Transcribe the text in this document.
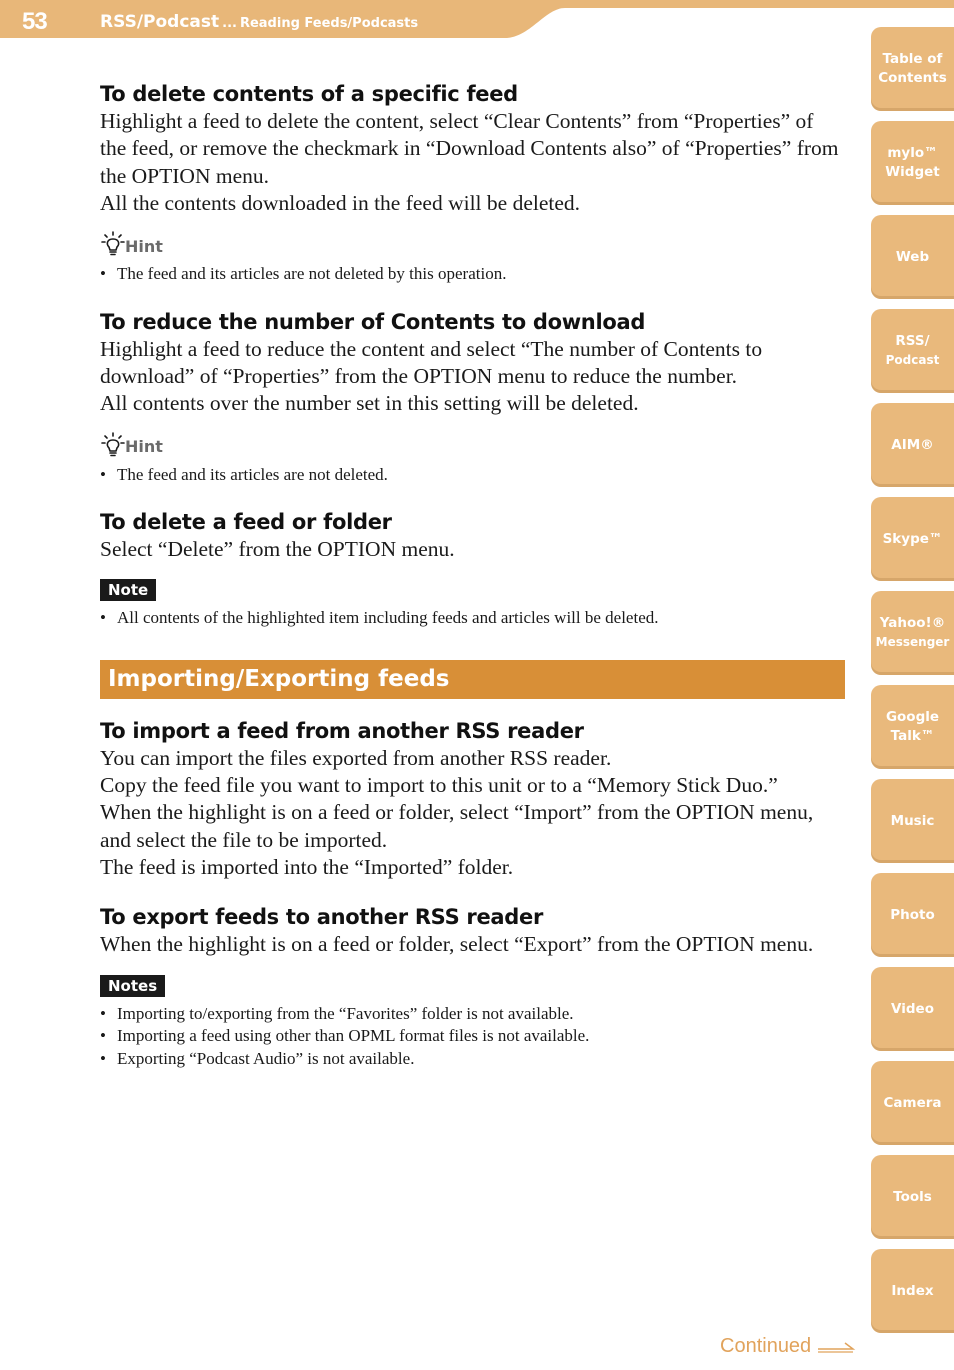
53	RSS/Podcast ... Reading Feeds/Podcasts
To delete contents of a specific feed

Highlight a feed to delete the content, select “Clear Contents” from “Properties” of the feed, or remove the checkmark in “Download Contents also” of “Properties” from the OPTION menu.

All the contents downloaded in the feed will be deleted.

Hint
• The feed and its articles are not deleted by this operation.
To reduce the number of Contents to download

Highlight a feed to reduce the content and select “The number of Contents to download” of “Properties” from the OPTION menu to reduce the number.

All contents over the number set in this setting will be deleted.

Hint
• The feed and its articles are not deleted.
To delete a feed or folder

Select “Delete” from the OPTION menu.

Note
• All contents of the highlighted item including feeds and articles will be deleted.
Importing/Exporting feeds
To import a feed from another RSS reader

You can import the files exported from another RSS reader.

Copy the feed file you want to import to this unit or to a “Memory Stick Duo.”

When the highlight is on a feed or folder, select “Import” from the OPTION menu, and select the file to be imported.

The feed is imported into the “Imported” folder.

To export feeds to another RSS reader

When the highlight is on a feed or folder, select “Export” from the OPTION menu.

Notes
• Importing to/exporting from the “Favorites” folder is not available.
• Importing a feed using other than OPML format files is not available.
• Exporting “Podcast Audio” is not available.
Table of
Contents
mylo™
Widget
Web
RSS/
Podcast
AIM®
Skype™
Yahoo!®
Messenger
Google
Talk™
Music
Photo
Video
Camera
Tools
Index
Continued
